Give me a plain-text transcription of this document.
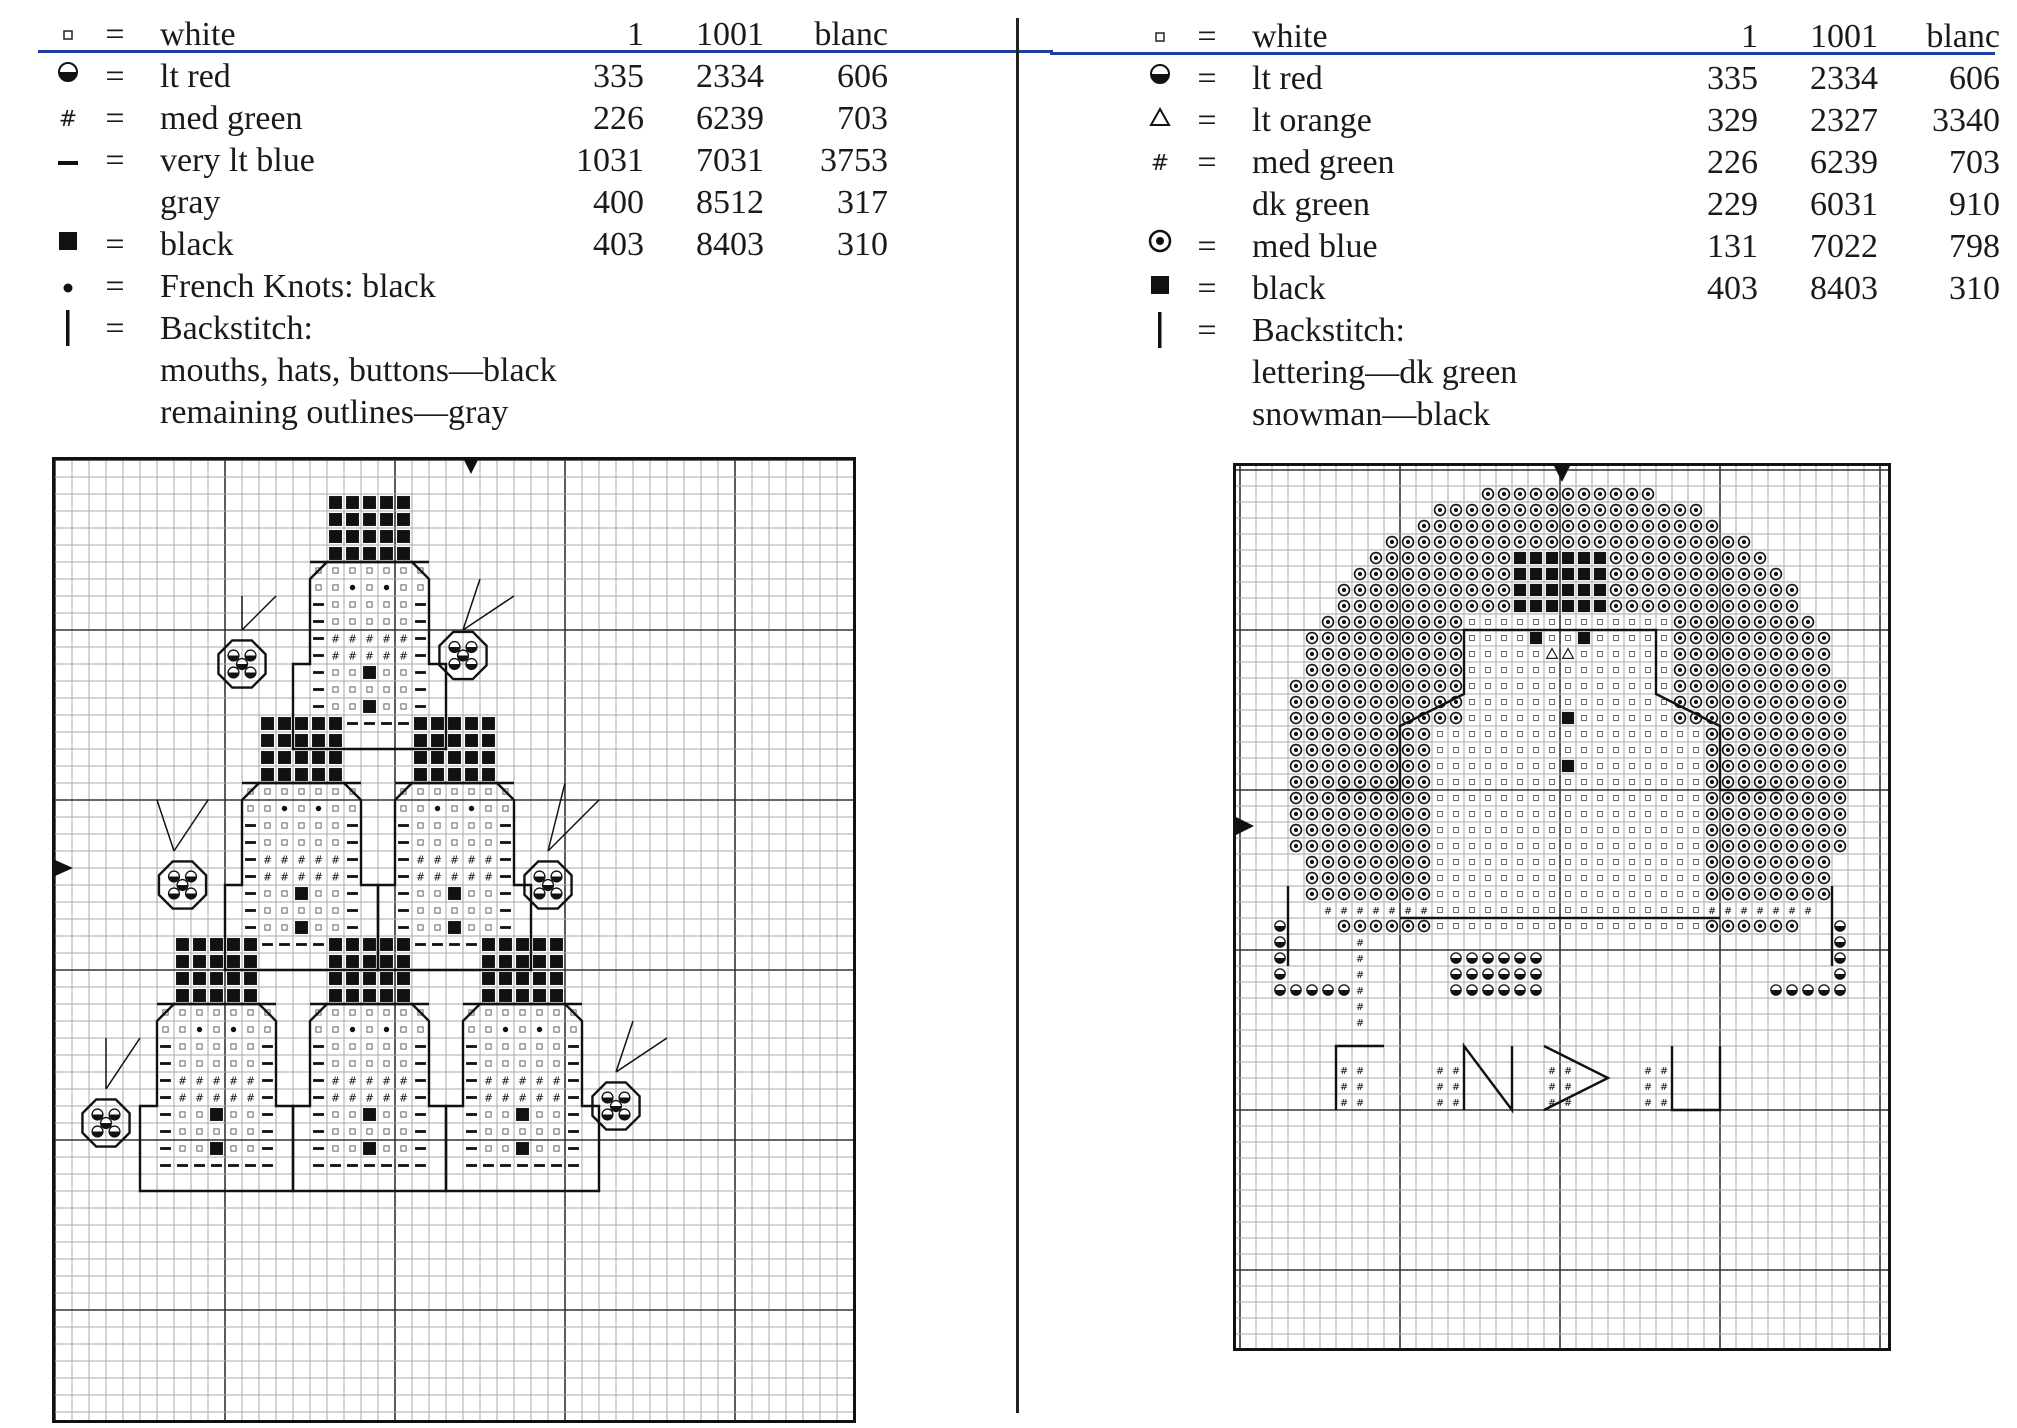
= white	1 1001 blanc
= lt red	335 2334 606
# = med green	226 6239 703
= very lt blue	1031 7031 3753
gray	400 8512 317
= black	403 8403 310
= French Knots: black
= Backstitch:
mouths, hats, buttons—black
remaining outlines—gray
= white	1 1001 blanc
= lt red	335 2334 606
= lt orange	329 2327 3340
# = med green	226 6239 703
dk green	229 6031 910
= med blue	131 7022 798
= black	403 8403 310
= Backstitch:
lettering—dk green
snowman—black
# # # # #
# # # # #
# # # # #
# # # # #
# # # # #
# # # # #
# # # # #
# # # # #
# # # # #
# # # # #
# # # # #
# # # # #
# # # # # # #	# # # # # # #
#
#
#
#
#
#
# #
# #
# #
# #
# #
# #
# #
# #
# #
# #
# #
# #
